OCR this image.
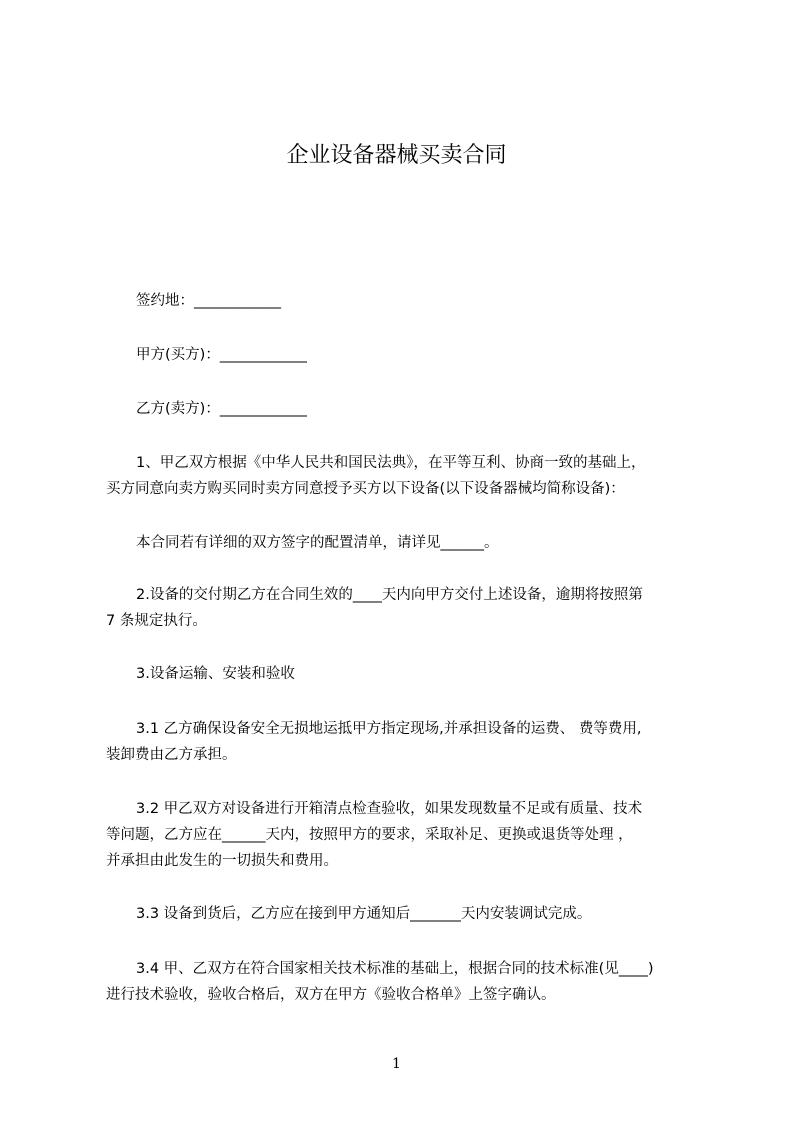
企业设备器械买卖合同
签约地：____________
甲方(买方)：____________
乙方(卖方)：____________
1、甲乙双方根据《中华人民共和国民法典》，在平等互利、协商一致的基础上，
买方同意向卖方购买同时卖方同意授予买方以下设备(以下设备器械均简称设备)：
本合同若有详细的双方签字的配置清单，请详见______。
2.设备的交付期乙方在合同生效的____天内向甲方交付上述设备，逾期将按照第
7 条规定执行。
3.设备运输、安装和验收
3.1 乙方确保设备安全无损地运抵甲方指定现场,并承担设备的运费、 费等费用,
装卸费由乙方承担。
3.2 甲乙双方对设备进行开箱清点检查验收，如果发现数量不足或有质量、技术
等问题，乙方应在______天内，按照甲方的要求，采取补足、更换或退货等处理 ，
并承担由此发生的一切损失和费用。
3.3 设备到货后，乙方应在接到甲方通知后_______天内安装调试完成。
3.4 甲、乙双方在符合国家相关技术标准的基础上，根据合同的技术标准(见____)
进行技术验收，验收合格后，双方在甲方《验收合格单》上签字确认。
1
